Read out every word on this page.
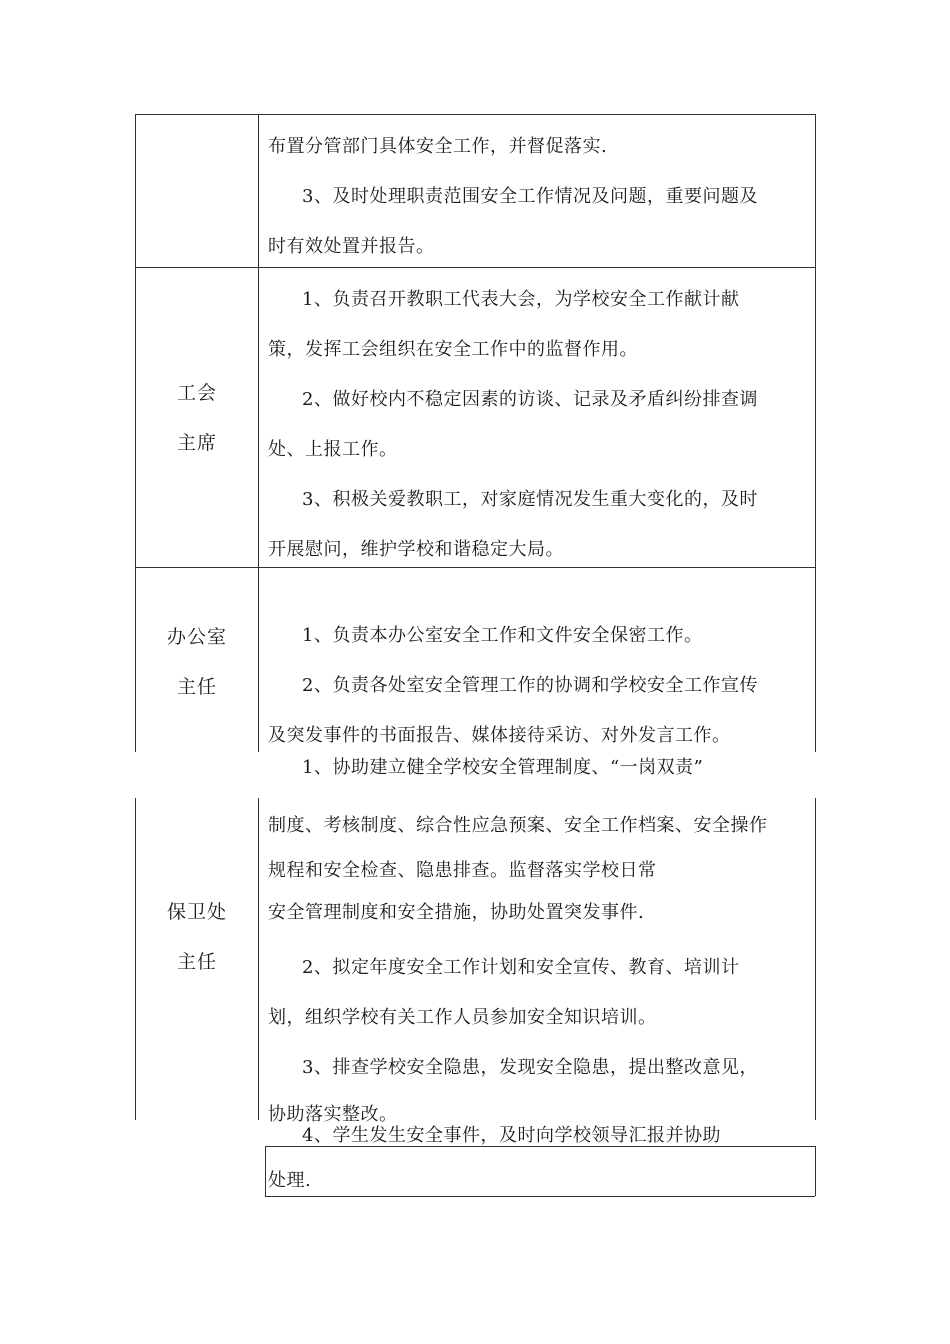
布置分管部门具体安全工作，并督促落实.
3、及时处理职责范围安全工作情况及问题，重要问题及
时有效处置并报告。
工会
主席
1、负责召开教职工代表大会，为学校安全工作献计献
策，发挥工会组织在安全工作中的监督作用。
2、做好校内不稳定因素的访谈、记录及矛盾纠纷排查调
处、上报工作。
3、积极关爱教职工，对家庭情况发生重大变化的，及时
开展慰问，维护学校和谐稳定大局。
办公室
主任
1、负责本办公室安全工作和文件安全保密工作。
2、负责各处室安全管理工作的协调和学校安全工作宣传
及突发事件的书面报告、媒体接待采访、对外发言工作。
1、协助建立健全学校安全管理制度、“一岗双责”
保卫处
主任
制度、考核制度、综合性应急预案、安全工作档案、安全操作
规程和安全检查、隐患排查。监督落实学校日常
安全管理制度和安全措施，协助处置突发事件.
2、拟定年度安全工作计划和安全宣传、教育、培训计
划，组织学校有关工作人员参加安全知识培训。
3、排查学校安全隐患，发现安全隐患，提出整改意见，
协助落实整改。
4、学生发生安全事件，及时向学校领导汇报并协助
处理.
